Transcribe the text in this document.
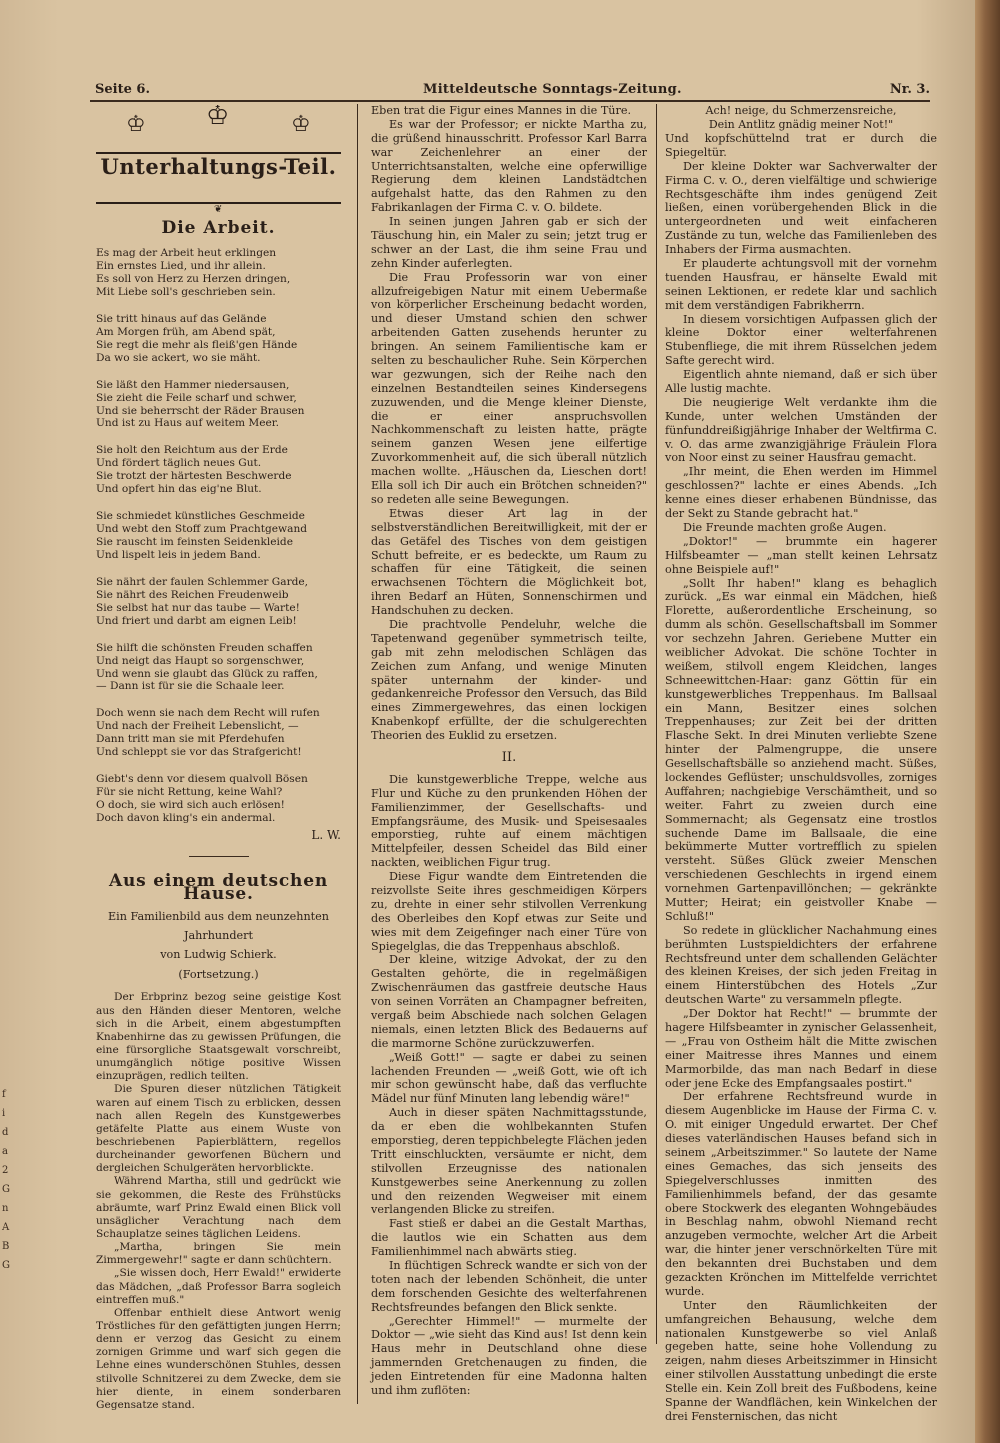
Seite 6.	Mitteldeutsche Sonntags-Zeitung.	Nr. 3.
♔ ♔	♔
Unterhaltungs-Teil.
❦
Die Arbeit.
Es mag der Arbeit heut erklingen
Ein ernstes Lied, und ihr allein.
Es soll von Herz zu Herzen dringen,
Mit Liebe soll's geschrieben sein.
Sie tritt hinaus auf das Gelände
Am Morgen früh, am Abend spät,
Sie regt die mehr als fleiß'gen Hände
Da wo sie ackert, wo sie mäht.
Sie läßt den Hammer niedersausen,
Sie zieht die Feile scharf und schwer,
Und sie beherrscht der Räder Brausen
Und ist zu Haus auf weitem Meer.
Sie holt den Reichtum aus der Erde
Und fördert täglich neues Gut.
Sie trotzt der härtesten Beschwerde
Und opfert hin das eig'ne Blut.
Sie schmiedet künstliches Geschmeide
Und webt den Stoff zum Prachtgewand
Sie rauscht im feinsten Seidenkleide
Und lispelt leis in jedem Band.
Sie nährt der faulen Schlemmer Garde,
Sie nährt des Reichen Freudenweib
Sie selbst hat nur das taube — Warte!
Und friert und darbt am eignen Leib!
Sie hilft die schönsten Freuden schaffen
Und neigt das Haupt so sorgenschwer,
Und wenn sie glaubt das Glück zu raffen,
— Dann ist für sie die Schaale leer.
Doch wenn sie nach dem Recht will rufen
Und nach der Freiheit Lebenslicht, —
Dann tritt man sie mit Pferdehufen
Und schleppt sie vor das Strafgericht!
Giebt's denn vor diesem qualvoll Bösen
Für sie nicht Rettung, keine Wahl?
O doch, sie wird sich auch erlösen!
Doch davon kling's ein andermal.
L. W.
Aus einem deutschen Hause.
Ein Familienbild aus dem neunzehnten Jahrhundert
von Ludwig Schierk.
(Fortsetzung.)

Der Erbprinz bezog seine geistige Kost aus den Händen dieser Mentoren, welche sich in die Arbeit, einem abgestumpften Knabenhirne das zu gewissen Prüfungen, die eine fürsorgliche Staatsgewalt vorschreibt, unumgänglich nötige positive Wissen einzuprägen, redlich teilten.

Die Spuren dieser nützlichen Tätigkeit waren auf einem Tisch zu erblicken, dessen nach allen Regeln des Kunstgewerbes getäfelte Platte aus einem Wuste von beschriebenen Papierblättern, regellos durcheinander geworfenen Büchern und dergleichen Schulgeräten hervorblickte.

Während Martha, still und gedrückt wie sie gekommen, die Reste des Frühstücks abräumte, warf Prinz Ewald einen Blick voll unsäglicher Verachtung nach dem Schauplatze seines täglichen Leidens.

„Martha, bringen Sie mein Zimmergewehr!" sagte er dann schüchtern.

„Sie wissen doch, Herr Ewald!" erwiderte das Mädchen, „daß Professor Barra sogleich eintreffen muß."

Offenbar enthielt diese Antwort wenig Tröstliches für den gefättigten jungen Herrn; denn er verzog das Gesicht zu einem zornigen Grimme und warf sich gegen die Lehne eines wunderschönen Stuhles, dessen stilvolle Schnitzerei zu dem Zwecke, dem sie hier diente, in einem sonderbaren Gegensatze stand.

Eben trat die Figur eines Mannes in die Türe.

Es war der Professor; er nickte Martha zu, die grüßend hinausschritt. Professor Karl Barra war Zeichenlehrer an einer der Unterrichtsanstalten, welche eine opferwillige Regierung dem kleinen Landstädtchen aufgehalst hatte, das den Rahmen zu den Fabrikanlagen der Firma C. v. O. bildete.

In seinen jungen Jahren gab er sich der Täuschung hin, ein Maler zu sein; jetzt trug er schwer an der Last, die ihm seine Frau und zehn Kinder auferlegten.

Die Frau Professorin war von einer allzufreigebigen Natur mit einem Uebermaße von körperlicher Erscheinung bedacht worden, und dieser Umstand schien den schwer arbeitenden Gatten zusehends herunter zu bringen. An seinem Familientische kam er selten zu beschaulicher Ruhe. Sein Körperchen war gezwungen, sich der Reihe nach den einzelnen Bestandteilen seines Kindersegens zuzuwenden, und die Menge kleiner Dienste, die er einer anspruchsvollen Nachkommenschaft zu leisten hatte, prägte seinem ganzen Wesen jene eilfertige Zuvorkommenheit auf, die sich überall nützlich machen wollte. „Häuschen da, Lieschen dort! Ella soll ich Dir auch ein Brötchen schneiden?" so redeten alle seine Bewegungen.

Etwas dieser Art lag in der selbstverständlichen Bereitwilligkeit, mit der er das Getäfel des Tisches von dem geistigen Schutt befreite, er es bedeckte, um Raum zu schaffen für eine Tätigkeit, die seinen erwachsenen Töchtern die Möglichkeit bot, ihren Bedarf an Hüten, Sonnenschirmen und Handschuhen zu decken.

Die prachtvolle Pendeluhr, welche die Tapetenwand gegenüber symmetrisch teilte, gab mit zehn melodischen Schlägen das Zeichen zum Anfang, und wenige Minuten später unternahm der kinder- und gedankenreiche Professor den Versuch, das Bild eines Zimmergewehres, das einen lockigen Knabenkopf erfüllte, der die schulgerechten Theorien des Euklid zu ersetzen.

II.

Die kunstgewerbliche Treppe, welche aus Flur und Küche zu den prunkenden Höhen der Familienzimmer, der Gesellschafts- und Empfangsräume, des Musik- und Speisesaales emporstieg, ruhte auf einem mächtigen Mittelpfeiler, dessen Scheidel das Bild einer nackten, weiblichen Figur trug.

Diese Figur wandte dem Eintretenden die reizvollste Seite ihres geschmeidigen Körpers zu, drehte in einer sehr stilvollen Verrenkung des Oberleibes den Kopf etwas zur Seite und wies mit dem Zeigefinger nach einer Türe von Spiegelglas, die das Treppenhaus abschloß.

Der kleine, witzige Advokat, der zu den Gestalten gehörte, die in regelmäßigen Zwischenräumen das gastfreie deutsche Haus von seinen Vorräten an Champagner befreiten, vergaß beim Abschiede nach solchen Gelagen niemals, einen letzten Blick des Bedauerns auf die marmorne Schöne zurückzuwerfen.

„Weiß Gott!" — sagte er dabei zu seinen lachenden Freunden — „weiß Gott, wie oft ich mir schon gewünscht habe, daß das verfluchte Mädel nur fünf Minuten lang lebendig wäre!"

Auch in dieser späten Nachmittagsstunde, da er eben die wohlbekannten Stufen emporstieg, deren teppichbelegte Flächen jeden Tritt einschluckten, versäumte er nicht, dem stilvollen Erzeugnisse des nationalen Kunstgewerbes seine Anerkennung zu zollen und den reizenden Wegweiser mit einem verlangenden Blicke zu streifen.

Fast stieß er dabei an die Gestalt Marthas, die lautlos wie ein Schatten aus dem Familienhimmel nach abwärts stieg.

In flüchtigen Schreck wandte er sich von der toten nach der lebenden Schönheit, die unter dem forschenden Gesichte des welterfahrenen Rechtsfreundes befangen den Blick senkte.

„Gerechter Himmel!" — murmelte der Doktor — „wie sieht das Kind aus! Ist denn kein Haus mehr in Deutschland ohne diese jammernden Gretchenaugen zu finden, die jeden Eintretenden für eine Madonna halten und ihm zuflöten:

Ach! neige, du Schmerzensreiche,
Dein Antlitz gnädig meiner Not!"

Und kopfschüttelnd trat er durch die Spiegeltür.

Der kleine Dokter war Sachverwalter der Firma C. v. O., deren vielfältige und schwierige Rechtsgeschäfte ihm indes genügend Zeit ließen, einen vorübergehenden Blick in die untergeordneten und weit einfacheren Zustände zu tun, welche das Familienleben des Inhabers der Firma ausmachten.

Er plauderte achtungsvoll mit der vornehm tuenden Hausfrau, er hänselte Ewald mit seinen Lektionen, er redete klar und sachlich mit dem verständigen Fabrikherrn.

In diesem vorsichtigen Aufpassen glich der kleine Doktor einer welterfahrenen Stubenfliege, die mit ihrem Rüsselchen jedem Safte gerecht wird.

Eigentlich ahnte niemand, daß er sich über Alle lustig machte.

Die neugierige Welt verdankte ihm die Kunde, unter welchen Umständen der fünfunddreißigjährige Inhaber der Weltfirma C. v. O. das arme zwanzigjährige Fräulein Flora von Noor einst zu seiner Hausfrau gemacht.

„Ihr meint, die Ehen werden im Himmel geschlossen?" lachte er eines Abends. „Ich kenne eines dieser erhabenen Bündnisse, das der Sekt zu Stande gebracht hat."

Die Freunde machten große Augen.

„Doktor!" — brummte ein hagerer Hilfsbeamter — „man stellt keinen Lehrsatz ohne Beispiele auf!"

„Sollt Ihr haben!" klang es behaglich zurück. „Es war einmal ein Mädchen, hieß Florette, außerordentliche Erscheinung, so dumm als schön. Gesellschaftsball im Sommer vor sechzehn Jahren. Geriebene Mutter ein weiblicher Advokat. Die schöne Tochter in weißem, stilvoll engem Kleidchen, langes Schneewittchen-Haar: ganz Göttin für ein kunstgewerbliches Treppenhaus. Im Ballsaal ein Mann, Besitzer eines solchen Treppenhauses; zur Zeit bei der dritten Flasche Sekt. In drei Minuten verliebte Szene hinter der Palmengruppe, die unsere Gesellschaftsbälle so anziehend macht. Süßes, lockendes Geflüster; unschuldsvolles, zorniges Auffahren; nachgiebige Verschämtheit, und so weiter. Fahrt zu zweien durch eine Sommernacht; als Gegensatz eine trostlos suchende Dame im Ballsaale, die eine bekümmerte Mutter vortrefflich zu spielen versteht. Süßes Glück zweier Menschen verschiedenen Geschlechts in irgend einem vornehmen Gartenpavillönchen; — gekränkte Mutter; Heirat; ein geistvoller Knabe — Schluß!"

So redete in glücklicher Nachahmung eines berühmten Lustspieldichters der erfahrene Rechtsfreund unter dem schallenden Gelächter des kleinen Kreises, der sich jeden Freitag in einem Hinterstübchen des Hotels „Zur deutschen Warte" zu versammeln pflegte.

„Der Doktor hat Recht!" — brummte der hagere Hilfsbeamter in zynischer Gelassenheit, — „Frau von Ostheim hält die Mitte zwischen einer Maitresse ihres Mannes und einem Marmorbilde, das man nach Bedarf in diese oder jene Ecke des Empfangsaales postirt."

Der erfahrene Rechtsfreund wurde in diesem Augenblicke im Hause der Firma C. v. O. mit einiger Ungeduld erwartet. Der Chef dieses vaterländischen Hauses befand sich in seinem „Arbeitszimmer." So lautete der Name eines Gemaches, das sich jenseits des Spiegelverschlusses inmitten des Familienhimmels befand, der das gesamte obere Stockwerk des eleganten Wohngebäudes in Beschlag nahm, obwohl Niemand recht anzugeben vermochte, welcher Art die Arbeit war, die hinter jener verschnörkelten Türe mit den bekannten drei Buchstaben und dem gezackten Krönchen im Mittelfelde verrichtet wurde.

Unter den Räumlichkeiten der umfangreichen Behausung, welche dem nationalen Kunstgewerbe so viel Anlaß gegeben hatte, seine hohe Vollendung zu zeigen, nahm dieses Arbeitszimmer in Hinsicht einer stilvollen Ausstattung unbedingt die erste Stelle ein. Kein Zoll breit des Fußbodens, keine Spanne der Wandflächen, kein Winkelchen der drei Fensternischen, das nicht

f i d a 2 G n A B G
